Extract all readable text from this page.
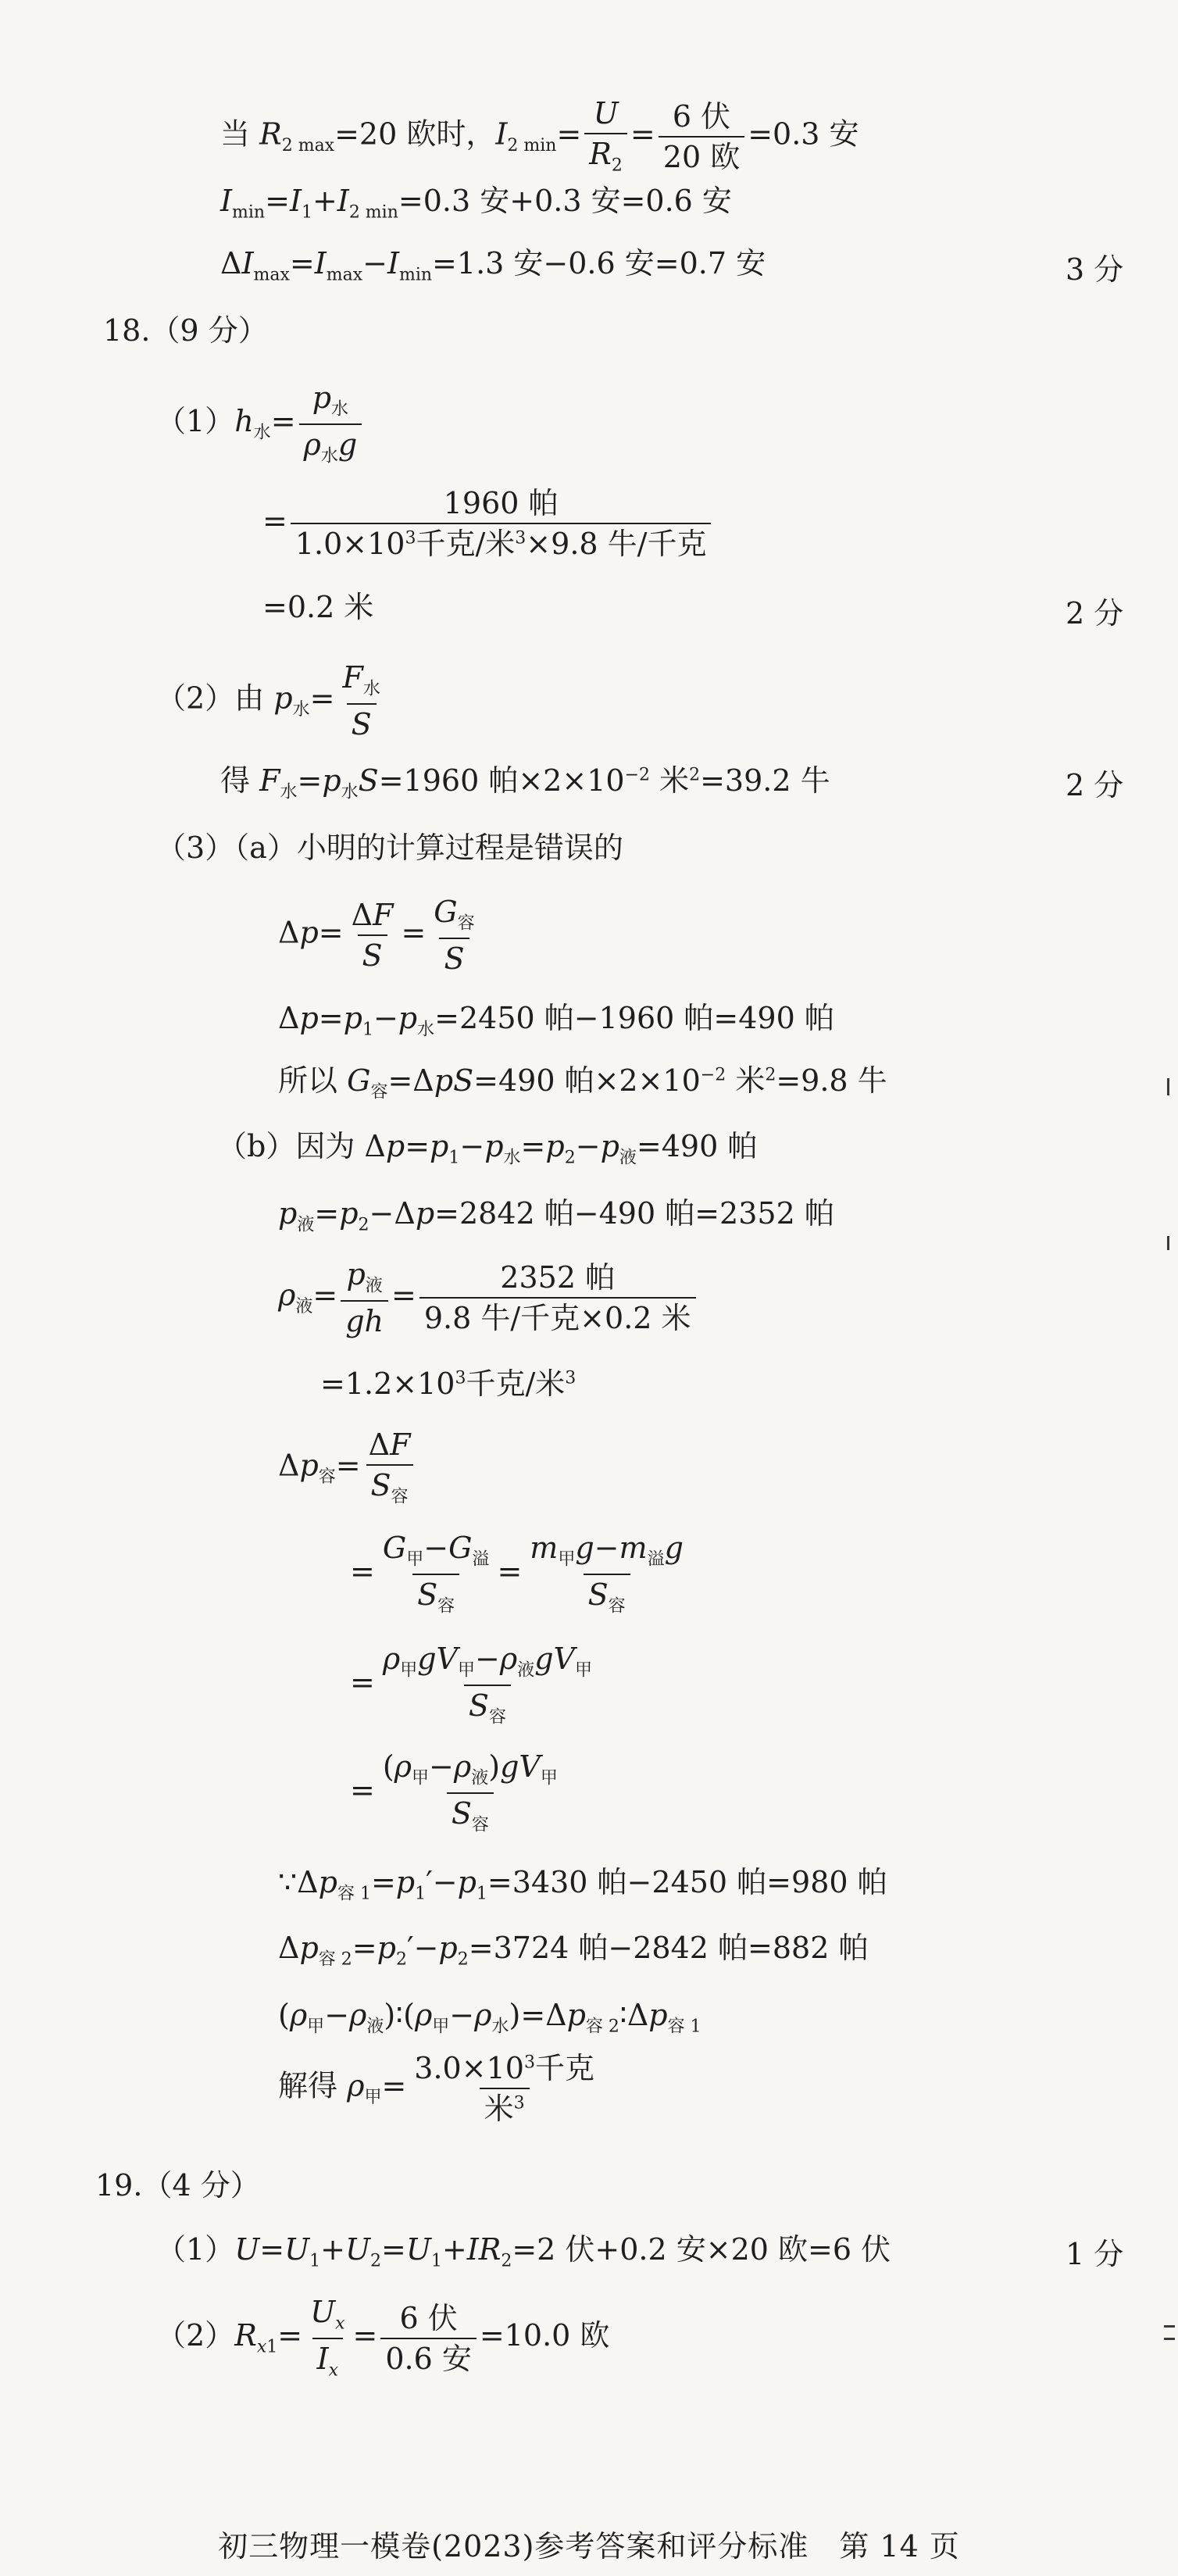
当 $R_{2 max}=20$ 欧时，$I_{2 min}= \frac{U}{R_2}$ =
6 伏
20 欧
=0.3 安
$I_{min}=I_1+I_{2 min}=0.3$ 安+0.3 安=0.6 安
$\Delta I_{max}=I_{max}-I_{min}=1.3$ 安−0.6 安=0.7 安
18.（9 分）
$(1)h_水=$
$p_水$
$\rho_水g$
=
1960 帕
$1.0\times 10^3$千克/米$^3$×9.8 牛/千克
=0.2 米
（2）由 $p_水=$
$F_水$
S
得 $F_水=p_水S=1960$ 帕$\times 2\times 10^{-2}$ 米$^2$=39.2 牛
（3）（a）小明的计算过程是错误的
$\Delta p= \frac{\Delta F}{S}$ =
$G_容$
S
$\Delta p=p_1-p_水=2450$ 帕−1960 帕=490 帕
所以 $G_容=\Delta pS=490$ 帕$\times 2\times 10^{-2}$ 米$^2$=9.8 牛
（b）因为 $\Delta p=p_1-p_水=p_2-p_液=490$ 帕
$p_液=p_2-\Delta p=2842$ 帕−490 帕=2352 帕
$\rho_液=$
$p_液$
gh
=
2352 帕
9.8 牛/千克×0.2 米
$=1.2\times 10^3$千克/米$^3$
$\Delta p_容=$
ΔF
$S_容$
=
$G_甲-G_溢$
$S_容$
=
$m_甲g-m_溢g$
$S_容$
=
$\rho_甲gV_甲-\rho_液gV_甲$
$S_容$
=
$(\rho_甲-\rho_液)gV_甲$
$S_容$
$\because\Delta p_{容 1}=p_1'-p_1=3430$ 帕−2450 帕=980 帕
$\Delta p_{容 2}=p_2'-p_2=3724$ 帕−2842 帕=882 帕
$(\rho_甲-\rho_液)∶(\rho_甲-\rho_水)=\Delta p_{容 2}∶\Delta p_{容 1}$
解得 $\rho_甲=$
$3.0\times 10^3$千克
米$^3$
19.（4 分）
$(1)U=U_1+U_2=U_1+IR_2=2$ 伏+0.2 安×20 欧=6 伏
$(2)R_{x1}= \frac{U_x}{I_x}$ =
6 伏
0.6 安
=10.0 欧
3 分
2 分
2 分
1 分
初三物理一模卷(2023)参考答案和评分标准　第 14 页
